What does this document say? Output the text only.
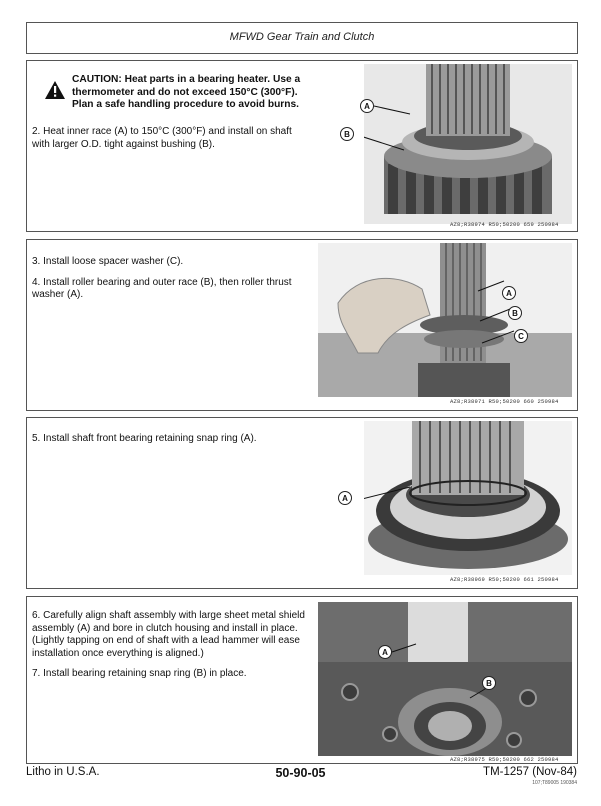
MFWD Gear Train and Clutch
CAUTION: Heat parts in a bearing heater. Use a thermometer and do not exceed 150°C (300°F). Plan a safe handling procedure to avoid burns.

2. Heat inner race (A) to 150°C (300°F) and install on shaft with larger O.D. tight against bushing (B).

A
B
AZ8;R38974 R50;50200 659 250984

3. Install loose spacer washer (C).

4. Install roller bearing and outer race (B), then roller thrust washer (A).	A
B
C
AZ8;R38971 R50;50200 660 250984

5. Install shaft front bearing retaining snap ring (A).

A
AZ8;R38969 R50;50200 661 250984

6. Carefully align shaft assembly with large sheet metal shield assembly (A) and bore in clutch housing and install in place. (Lightly tapping on end of shaft with a lead hammer will ease installation once everything is aligned.)

7. Install bearing retaining snap ring (B) in place.

A
B
AZ8;R38975 R50;50200 662 250984
Litho in U.S.A.	50-90-05	TM-1257 (Nov-84)
107;T89005 190384
